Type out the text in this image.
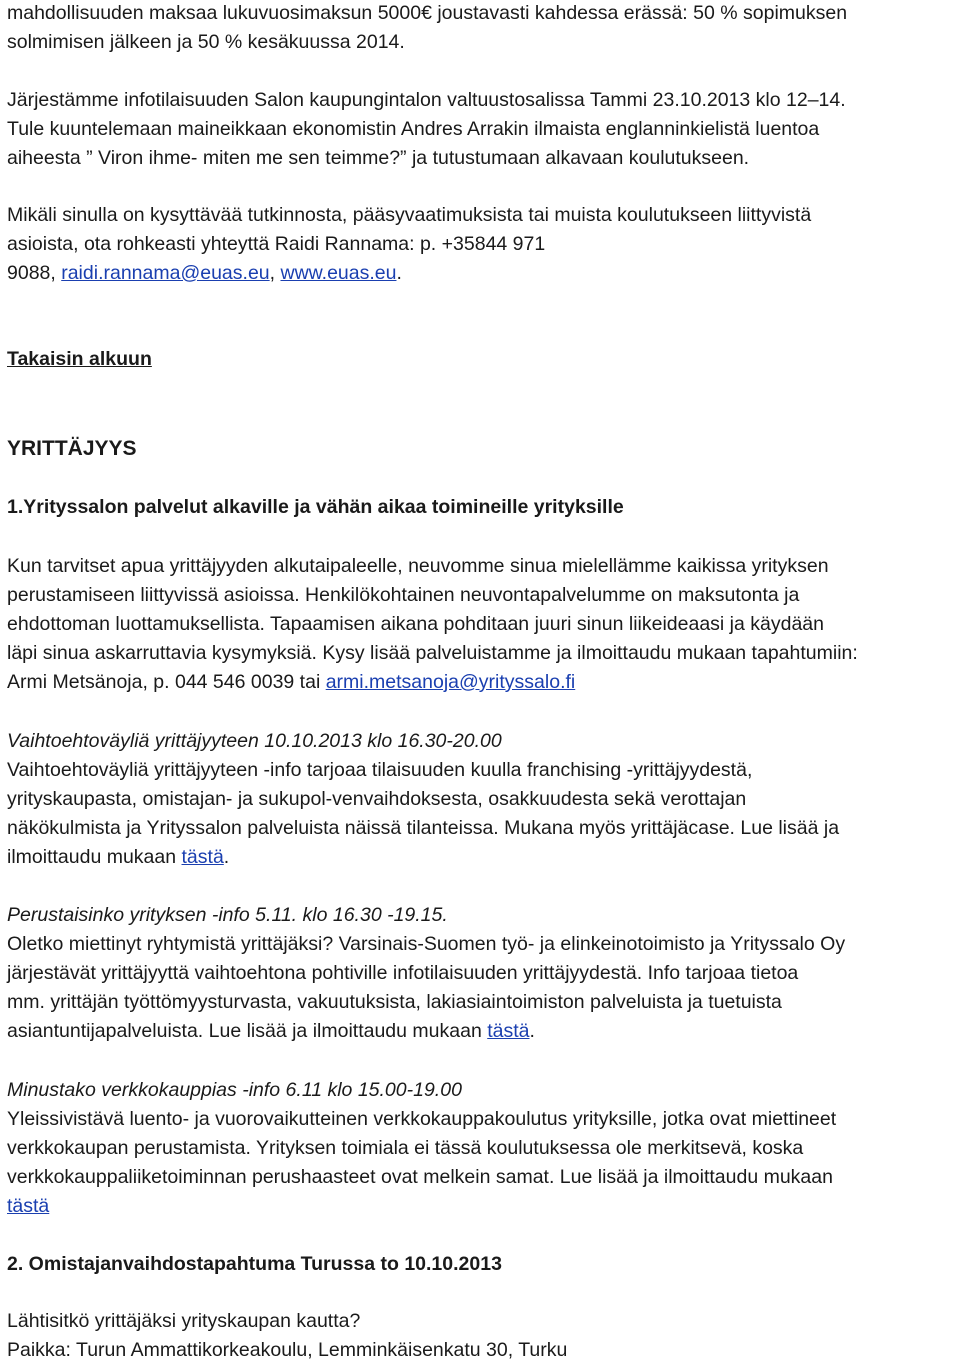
mahdollisuuden maksaa lukuvuosimaksun 5000€ joustavasti kahdessa erässä: 50 % sopimuksen
solmimisen jälkeen ja 50 % kesäkuussa 2014.
Järjestämme infotilaisuuden Salon kaupungintalon valtuustosalissa Tammi 23.10.2013 klo 12‒14.
Tule kuuntelemaan maineikkaan ekonomistin Andres Arrakin ilmaista englanninkielistä luentoa
aiheesta ” Viron ihme- miten me sen teimme?” ja tutustumaan alkavaan koulutukseen.
Mikäli sinulla on kysyttävää tutkinnosta, pääsyvaatimuksista tai muista koulutukseen liittyvistä
asioista, ota rohkeasti yhteyttä Raidi Rannama: p. +35844 971
9088, raidi.rannama@euas.eu, www.euas.eu.
Takaisin alkuun
YRITTÄJYYS
1.Yrityssalon palvelut alkaville ja vähän aikaa toimineille yrityksille
Kun tarvitset apua yrittäjyyden alkutaipaleelle, neuvomme sinua mielellämme kaikissa yrityksen
perustamiseen liittyvissä asioissa. Henkilökohtainen neuvontapalvelumme on maksutonta ja
ehdottoman luottamuksellista. Tapaamisen aikana pohditaan juuri sinun liikeideaasi ja käydään
läpi sinua askarruttavia kysymyksiä. Kysy lisää palveluistamme ja ilmoittaudu mukaan tapahtumiin:
Armi Metsänoja, p. 044 546 0039 tai armi.metsanoja@yrityssalo.fi
Vaihtoehtoväyliä yrittäjyyteen 10.10.2013 klo 16.30-20.00
Vaihtoehtoväyliä yrittäjyyteen -info tarjoaa tilaisuuden kuulla franchising -yrittäjyydestä,
yrityskaupasta, omistajan- ja sukupol-venvaihdoksesta, osakkuudesta sekä verottajan
näkökulmista ja Yrityssalon palveluista näissä tilanteissa. Mukana myös yrittäjäcase. Lue lisää ja
ilmoittaudu mukaan tästä.
Perustaisinko yrityksen -info 5.11. klo 16.30 -19.15.
Oletko miettinyt ryhtymistä yrittäjäksi? Varsinais-Suomen työ- ja elinkeinotoimisto ja Yrityssalo Oy
järjestävät yrittäjyyttä vaihtoehtona pohtiville infotilaisuuden yrittäjyydestä. Info tarjoaa tietoa
mm. yrittäjän työttömyysturvasta, vakuutuksista, lakiasiaintoimiston palveluista ja tuetuista
asiantuntijapalveluista. Lue lisää ja ilmoittaudu mukaan tästä.
Minustako verkkokauppias -info 6.11 klo 15.00-19.00
Yleissivistävä luento- ja vuorovaikutteinen verkkokauppakoulutus yrityksille, jotka ovat miettineet
verkkokaupan perustamista. Yrityksen toimiala ei tässä koulutuksessa ole merkitsevä, koska
verkkokauppaliiketoiminnan perushaasteet ovat melkein samat. Lue lisää ja ilmoittaudu mukaan
tästä
2. Omistajanvaihdostapahtuma Turussa to 10.10.2013
Lähtisitkö yrittäjäksi yrityskaupan kautta?
Paikka: Turun Ammattikorkeakoulu, Lemminkäisenkatu 30, Turku
